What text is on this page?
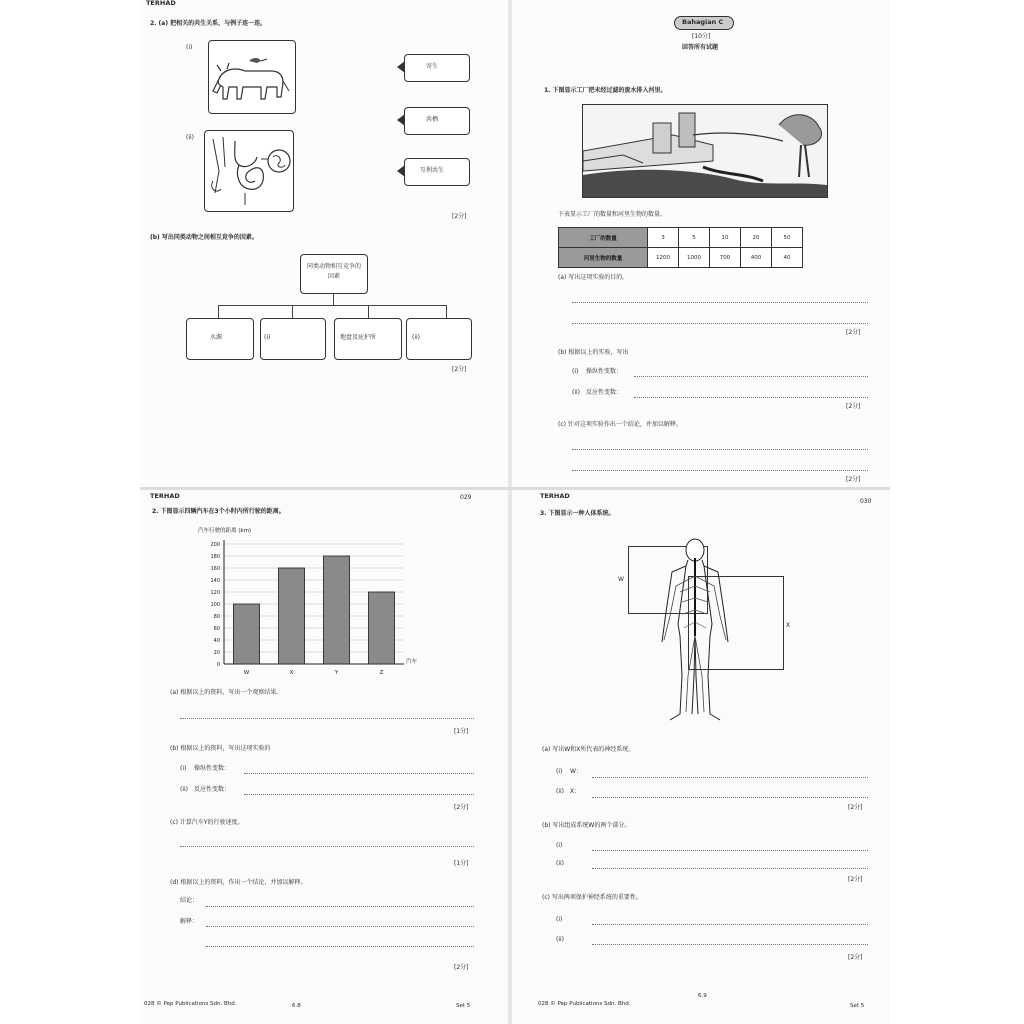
TERHAD
2. (a) 把相关的共生关系，与例子连一连。
(i)
(ii)
寄生
共栖
互利共生
[2分]
(b) 写出同类动物之间相互竞争的因素。
同类动物相互竞争的因素
水源	(i)	地盘及庇护所	(ii)
[2分]
Bahagian C
[10分]
回答所有试题
1. 下图显示工厂把未经过滤的废水排入河里。
下表显示工厂的数量和河里生物的数量。
工厂的数量	3	5	10	20	50
河里生物的数量	1200	1000	700	400	40
(a) 写出这项实验的目的。
[2分]
(b) 根据以上的实验，写出
(i) 操纵性变数：
(ii) 反应性变数：
[2分]
(c) 针对这项实验作出一个结论，并加以解释。
[2分]
TERHAD	029
2. 下图显示四辆汽车在3个小时内所行驶的距离。
汽车行驶的距离 (km)
0
20
40
60
80
100
120
140
160
180
200
W	X	Y	Z
汽车
(a) 根据以上的资料，写出一个观察结果。
[1分]
(b) 根据以上的资料，写出这项实验的
(i) 操纵性变数：
(ii) 反应性变数：
[2分]
(c) 计算汽车Y的行驶速度。
[1分]
(d) 根据以上的资料，作出一个结论，并加以解释。
结论：
解释：
[2分]
028 © Pep Publications Sdn. Bhd.	6.8	Set 5
TERHAD
030
3. 下图显示一种人体系统。
W
X
(a) 写出W和X所代表的神经系统。
(i) W：
(ii) X：
[2分]
(b) 写出组成系统W的两个部分。
(i)
(ii)
[2分]
(c) 写出两项保护神经系统的重要性。
(i)
(ii)
[2分]
028 © Pep Publications Sdn. Bhd.
6.9
Set 5
